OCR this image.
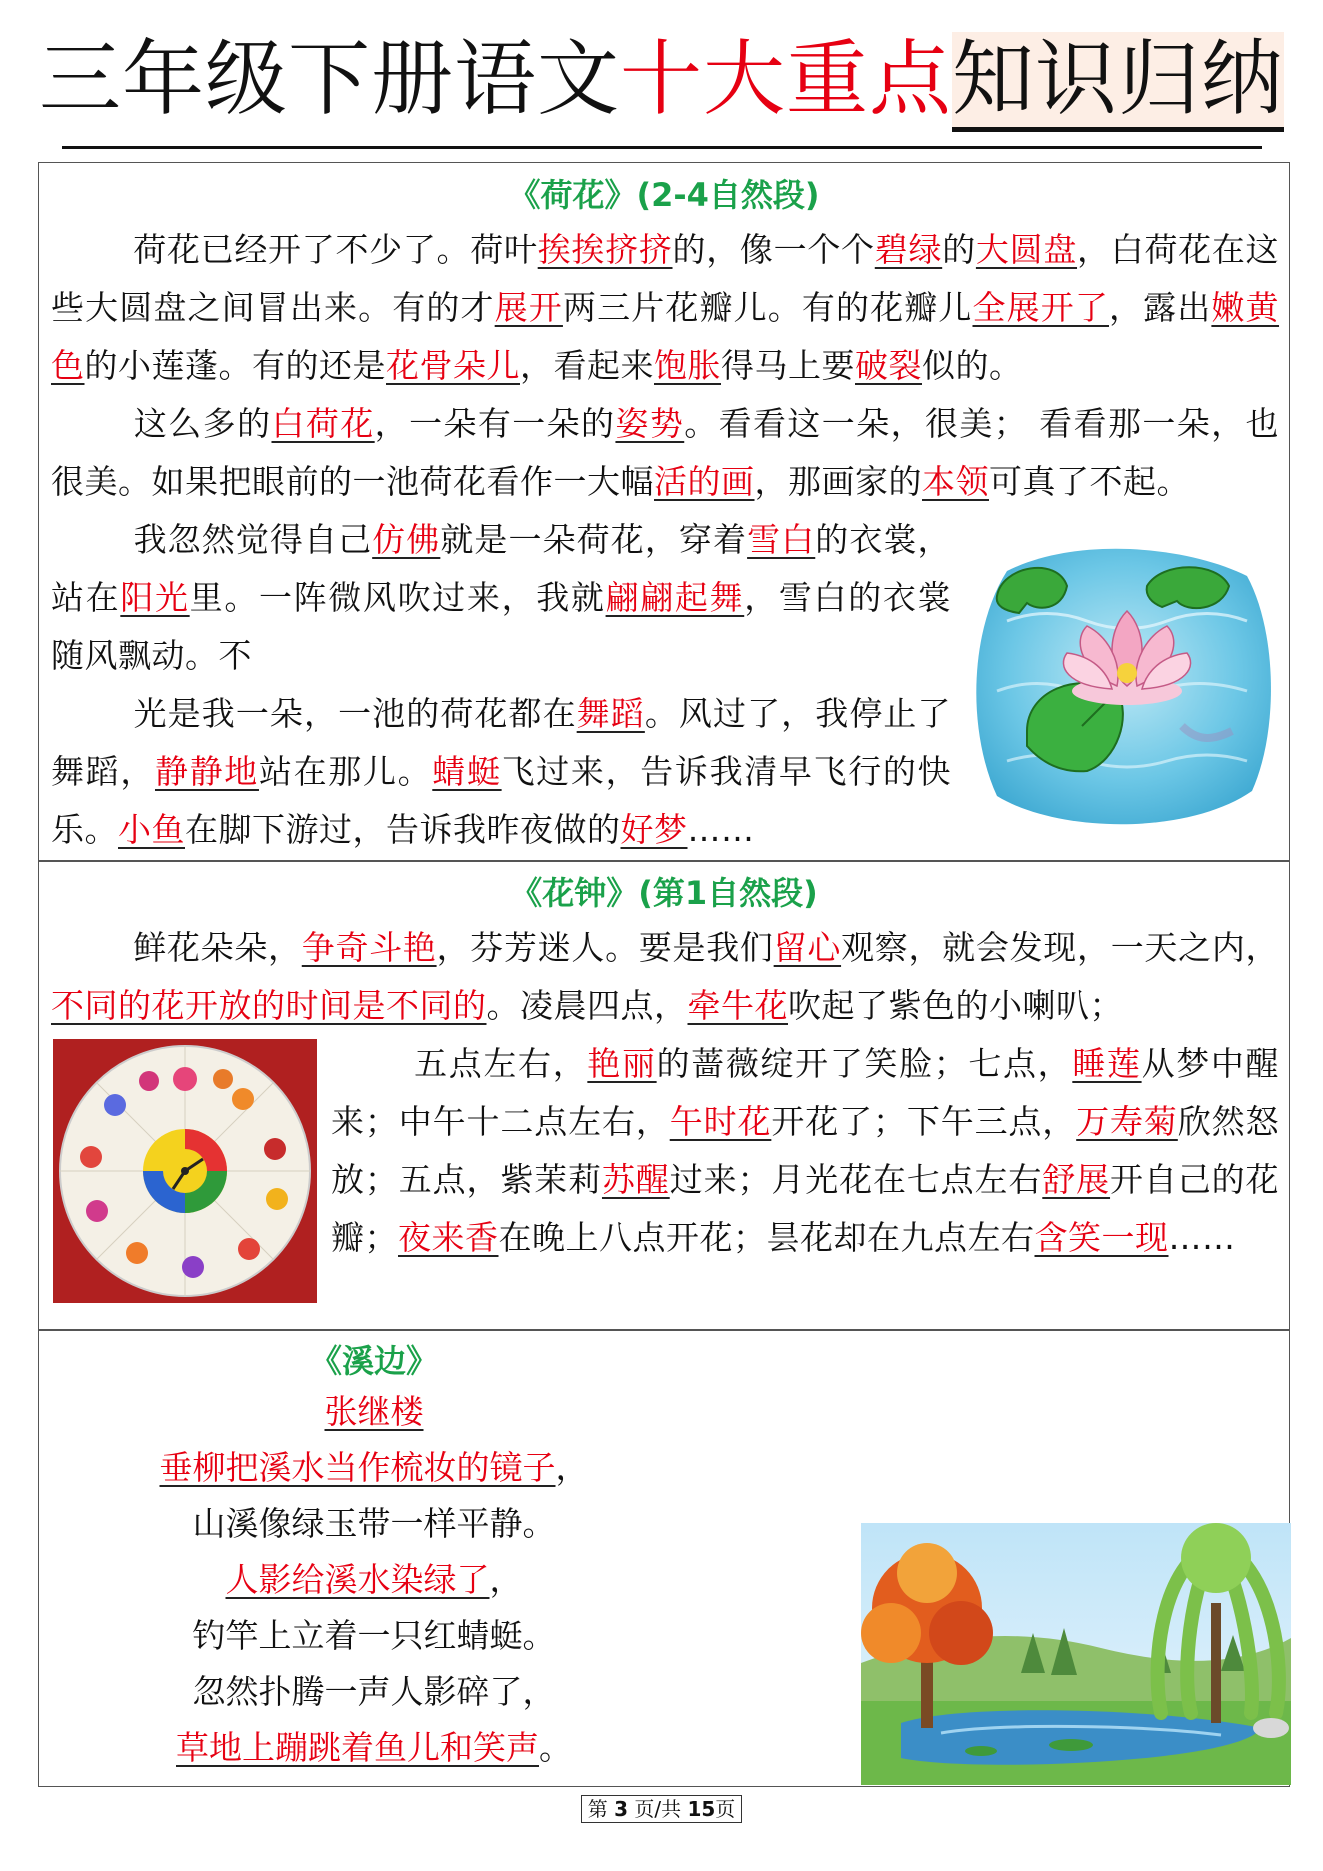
三年级下册语文十大重点知识归纳
《荷花》(2-4自然段)
荷花已经开了不少了。荷叶挨挨挤挤的，像一个个碧绿的大圆盘，白荷花在这些大圆盘之间冒出来。有的才展开两三片花瓣儿。有的花瓣儿全展开了，露出嫩黄色的小莲蓬。有的还是花骨朵儿，看起来饱胀得马上要破裂似的。
这么多的白荷花，一朵有一朵的姿势。看看这一朵，很美； 看看那一朵，也很美。如果把眼前的一池荷花看作一大幅活的画，那画家的本领可真了不起。
我忽然觉得自己仿佛就是一朵荷花，穿着雪白的衣裳，站在阳光里。一阵微风吹过来，我就翩翩起舞，雪白的衣裳随风飘动。不
光是我一朵，一池的荷花都在舞蹈。风过了，我停止了舞蹈，静静地站在那儿。蜻蜓飞过来，告诉我清早飞行的快乐。小鱼在脚下游过，告诉我昨夜做的好梦……
《花钟》(第1自然段)
鲜花朵朵，争奇斗艳，芬芳迷人。要是我们留心观察，就会发现，一天之内，不同的花开放的时间是不同的。凌晨四点，牵牛花吹起了紫色的小喇叭；
五点左右，艳丽的蔷薇绽开了笑脸；七点，睡莲从梦中醒来；中午十二点左右，午时花开花了；下午三点，万寿菊欣然怒放；五点，紫茉莉苏醒过来；月光花在七点左右舒展开自己的花瓣；夜来香在晚上八点开花；昙花却在九点左右含笑一现……
《溪边》
张继楼
垂柳把溪水当作梳妆的镜子，
山溪像绿玉带一样平静。
人影给溪水染绿了，
钓竿上立着一只红蜻蜓。
忽然扑腾一声人影碎了，
草地上蹦跳着鱼儿和笑声。
第 3 页/共 15页
